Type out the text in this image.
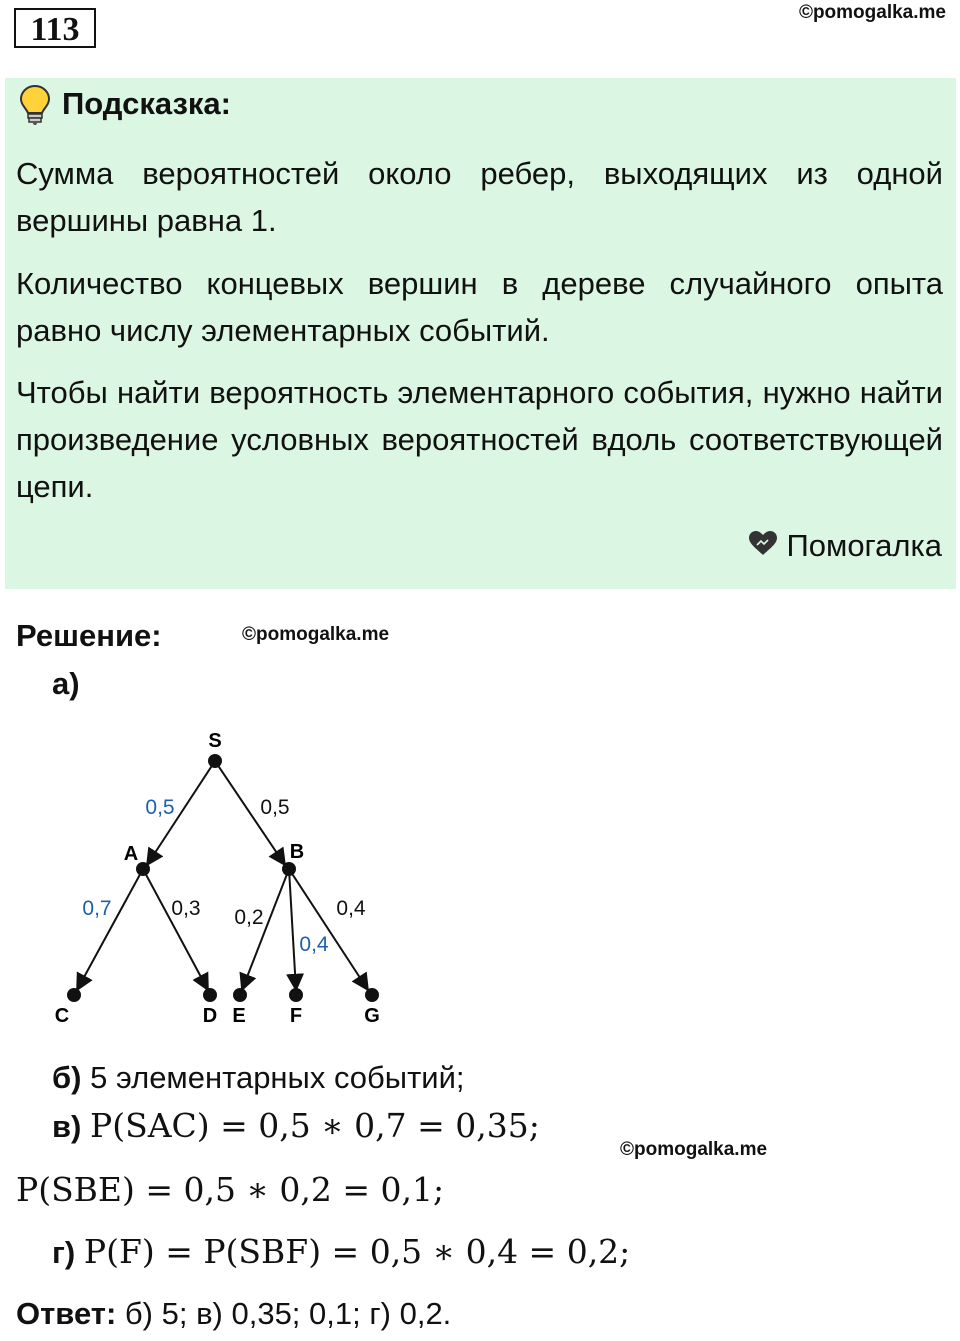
113	©pomogalka.me
Подсказка:
Сумма вероятностей около ребер, выходящих из одной вершины равна 1.
Количество концевых вершин в дереве случайного опыта равно числу элементарных событий.
Чтобы найти вероятность элементарного события, нужно найти произведение условных вероятностей вдоль соответствующей цепи.
Помогалка
Решение:	©pomogalka.me
а)
S
A	B
C	D E F	G
0,5	0,5
0,7	0,3 0,2
0,4
0,4
б) 5 элементарных событий;
в) P(SAC) = 0,5 ∗ 0,7 = 0,35;
©pomogalka.me
P(SBE) = 0,5 ∗ 0,2 = 0,1;
г) P(F) = P(SBF) = 0,5 ∗ 0,4 = 0,2;
Ответ: б) 5; в) 0,35; 0,1; г) 0,2.
